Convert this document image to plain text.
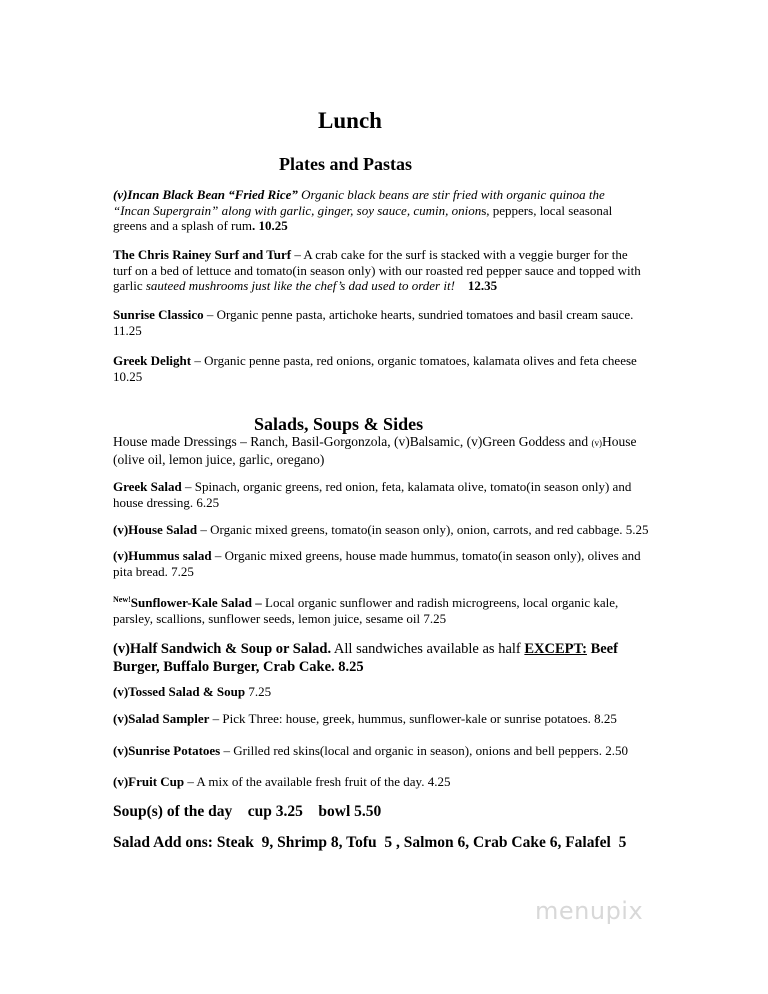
Lunch
Plates and Pastas
(v)Incan Black Bean “Fried Rice” Organic black beans are stir fried with organic quinoa the “Incan Supergrain” along with garlic, ginger, soy sauce, cumin, onions, peppers, local seasonal greens and a splash of rum. 10.25
The Chris Rainey Surf and Turf – A crab cake for the surf is stacked with a veggie burger for the turf on a bed of lettuce and tomato(in season only) with our roasted red pepper sauce and topped with garlic sauteed mushrooms just like the chef’s dad used to order it! 12.35
Sunrise Classico – Organic penne pasta, artichoke hearts, sundried tomatoes and basil cream sauce.
11.25
Greek Delight – Organic penne pasta, red onions, organic tomatoes, kalamata olives and feta cheese
10.25
Salads, Soups & Sides
House made Dressings – Ranch, Basil-Gorgonzola, (v)Balsamic, (v)Green Goddess and (v)House (olive oil, lemon juice, garlic, oregano)
Greek Salad – Spinach, organic greens, red onion, feta, kalamata olive, tomato(in season only) and house dressing. 6.25
(v)House Salad – Organic mixed greens, tomato(in season only), onion, carrots, and red cabbage. 5.25
(v)Hummus salad – Organic mixed greens, house made hummus, tomato(in season only), olives and pita bread. 7.25
$^{New!}$Sunflower-Kale Salad – Local organic sunflower and radish microgreens, local organic kale, parsley, scallions, sunflower seeds, lemon juice, sesame oil 7.25
(v)Half Sandwich & Soup or Salad. All sandwiches available as half EXCEPT: Beef Burger, Buffalo Burger, Crab Cake. 8.25
(v)Tossed Salad & Soup 7.25
(v)Salad Sampler – Pick Three: house, greek, hummus, sunflower-kale or sunrise potatoes. 8.25
(v)Sunrise Potatoes – Grilled red skins(local and organic in season), onions and bell peppers. 2.50
(v)Fruit Cup – A mix of the available fresh fruit of the day. 4.25
Soup(s) of the day    cup 3.25    bowl 5.50
Salad Add ons: Steak  9, Shrimp 8, Tofu  5 , Salmon 6, Crab Cake 6, Falafel  5
menupix
